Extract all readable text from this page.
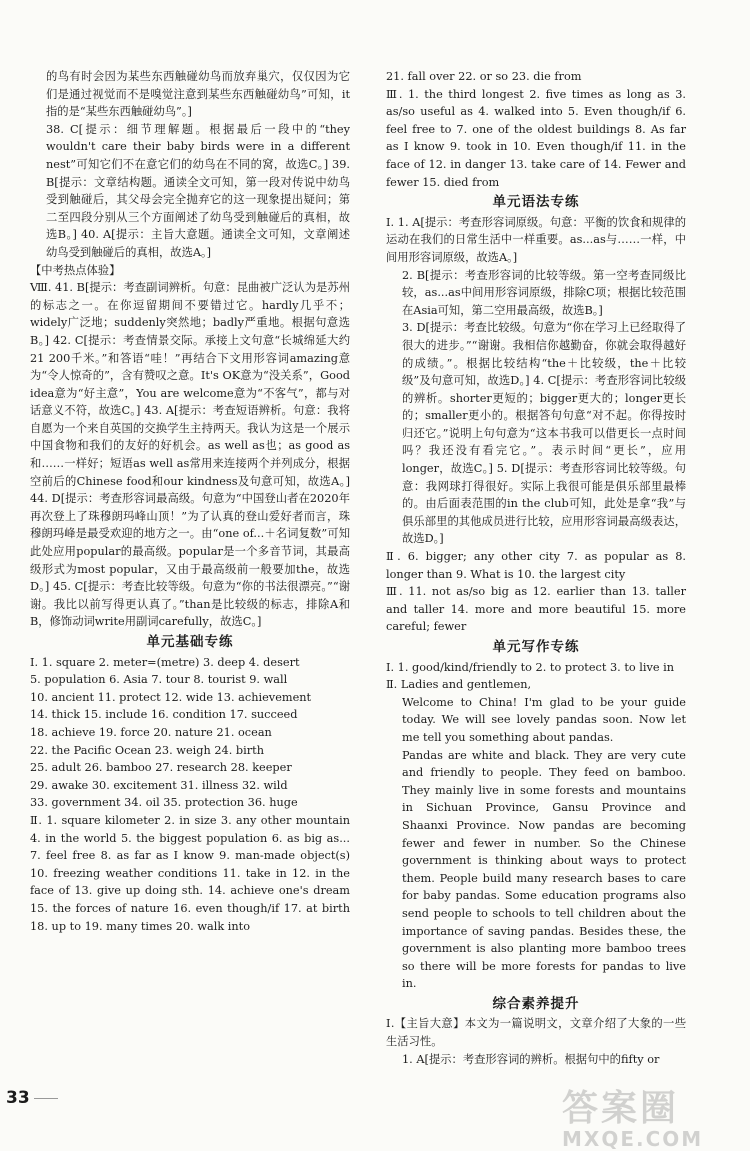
的鸟有时会因为某些东西触碰幼鸟而放弃巢穴，仅仅因为它们是通过视觉而不是嗅觉注意到某些东西触碰幼鸟”可知，it指的是“某些东西触碰幼鸟”。]
38. C[提示：细节理解题。根据最后一段中的“they wouldn't care their baby birds were in a different nest”可知它们不在意它们的幼鸟在不同的窝，故选C。] 39. B[提示：文章结构题。通读全文可知，第一段对传说中幼鸟受到触碰后，其父母会完全抛弃它的这一现象提出疑问；第二至四段分别从三个方面阐述了幼鸟受到触碰后的真相，故选B。] 40. A[提示：主旨大意题。通读全文可知，文章阐述幼鸟受到触碰后的真相，故选A。]
【中考热点体验】
Ⅷ. 41. B[提示：考查副词辨析。句意：昆曲被广泛认为是苏州的标志之一。在你逗留期间不要错过它。hardly几乎不；widely广泛地；suddenly突然地；badly严重地。根据句意选B。] 42. C[提示：考查情景交际。承接上文句意“长城绵延大约21 200千米。”和答语“哇！”再结合下文用形容词amazing意为“令人惊奇的”，含有赞叹之意。It's OK意为“没关系”，Good idea意为“好主意”，You are welcome意为“不客气”，都与对话意义不符，故选C。] 43. A[提示：考查短语辨析。句意：我将自愿为一个来自英国的交换学生主持两天。我认为这是一个展示中国食物和我们的友好的好机会。as well as也；as good as和……一样好；短语as well as常用来连接两个并列成分，根据空前后的Chinese food和our kindness及句意可知，故选A。] 44. D[提示：考查形容词最高级。句意为“中国登山者在2020年再次登上了珠穆朗玛峰山顶！”为了认真的登山爱好者而言，珠穆朗玛峰是最受欢迎的地方之一。由“one of...＋名词复数”可知此处应用popular的最高级。popular是一个多音节词，其最高级形式为most popular，又由于最高级前一般要加the，故选D。] 45. C[提示：考查比较等级。句意为“你的书法很漂亮。”“谢谢。我比以前写得更认真了。”than是比较级的标志，排除A和B，修饰动词write用副词carefully，故选C。]
单元基础专练
Ⅰ. 1. square 2. meter=(metre) 3. deep 4. desert
5. population 6. Asia 7. tour 8. tourist 9. wall
10. ancient 11. protect 12. wide 13. achievement
14. thick 15. include 16. condition 17. succeed
18. achieve 19. force 20. nature 21. ocean
22. the Pacific Ocean 23. weigh 24. birth
25. adult 26. bamboo 27. research 28. keeper
29. awake 30. excitement 31. illness 32. wild
33. government 34. oil 35. protection 36. huge
Ⅱ. 1. square kilometer 2. in size 3. any other mountain 4. in the world 5. the biggest population 6. as big as... 7. feel free 8. as far as I know 9. man-made object(s) 10. freezing weather conditions 11. take in 12. in the face of 13. give up doing sth. 14. achieve one's dream 15. the forces of nature 16. even though/if 17. at birth 18. up to 19. many times 20. walk into
21. fall over 22. or so 23. die from
Ⅲ. 1. the third longest 2. five times as long as 3. as/so useful as 4. walked into 5. Even though/if 6. feel free to 7. one of the oldest buildings 8. As far as I know 9. took in 10. Even though/if 11. in the face of 12. in danger 13. take care of 14. Fewer and fewer 15. died from
单元语法专练
Ⅰ. 1. A[提示：考查形容词原级。句意：平衡的饮食和规律的运动在我们的日常生活中一样重要。as...as与……一样，中间用形容词原级，故选A。]
2. B[提示：考查形容词的比较等级。第一空考查同级比较，as...as中间用形容词原级，排除C项；根据比较范围在Asia可知，第二空用最高级，故选B。]
3. D[提示：考查比较级。句意为“你在学习上已经取得了很大的进步。”“谢谢。我相信你越勤奋，你就会取得越好的成绩。”。根据比较结构“the＋比较级，the＋比较级”及句意可知，故选D。] 4. C[提示：考查形容词比较级的辨析。shorter更短的；bigger更大的；longer更长的；smaller更小的。根据答句句意“对不起。你得按时归还它。”说明上句句意为“这本书我可以借更长一点时间吗？我还没有看完它。”。表示时间“更长”，应用longer，故选C。] 5. D[提示：考查形容词比较等级。句意：我网球打得很好。实际上我很可能是俱乐部里最棒的。由后面表范围的in the club可知，此处是拿“我”与俱乐部里的其他成员进行比较，应用形容词最高级表达，故选D。]
Ⅱ. 6. bigger; any other city 7. as popular as 8. longer than 9. What is 10. the largest city
Ⅲ. 11. not as/so big as 12. earlier than 13. taller and taller 14. more and more beautiful 15. more careful; fewer
单元写作专练
Ⅰ. 1. good/kind/friendly to 2. to protect 3. to live in
Ⅱ. Ladies and gentlemen,
Welcome to China! I'm glad to be your guide today. We will see lovely pandas soon. Now let me tell you something about pandas.
Pandas are white and black. They are very cute and friendly to people. They feed on bamboo. They mainly live in some forests and mountains in Sichuan Province, Gansu Province and Shaanxi Province. Now pandas are becoming fewer and fewer in number. So the Chinese government is thinking about ways to protect them. People build many research bases to care for baby pandas. Some education programs also send people to schools to tell children about the importance of saving pandas. Besides these, the government is also planting more bamboo trees so there will be more forests for pandas to live in.
综合素养提升
Ⅰ.【主旨大意】本文为一篇说明文，文章介绍了大象的一些生活习性。
1. A[提示：考查形容词的辨析。根据句中的fifty or
33	答案圈
MXQE.COM
